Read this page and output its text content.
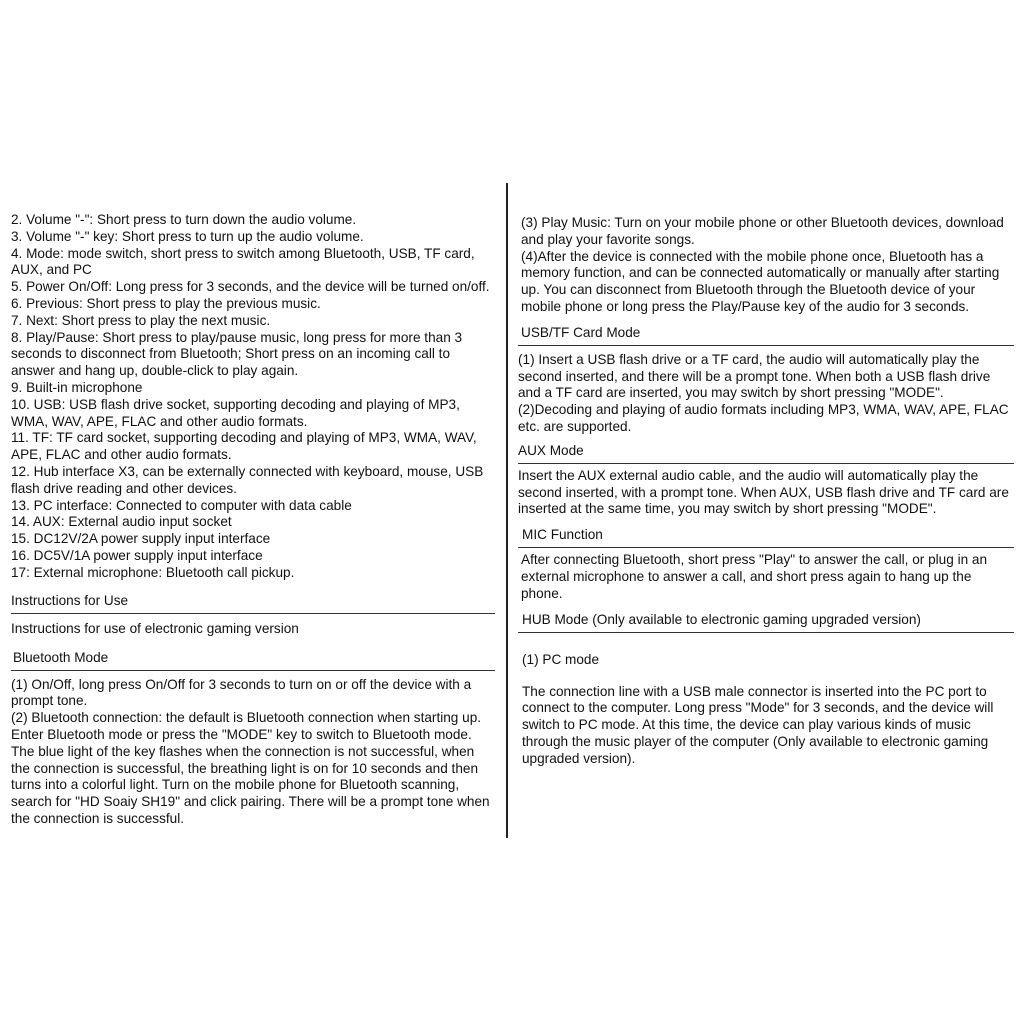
2. Volume "-": Short press to turn down the audio volume.

3. Volume "-" key: Short press to turn up the audio volume.

4. Mode: mode switch, short press to switch among Bluetooth, USB, TF card, AUX, and PC

5. Power On/Off: Long press for 3 seconds, and the device will be turned on/off.

6. Previous: Short press to play the previous music.

7. Next: Short press to play the next music.

8. Play/Pause: Short press to play/pause music, long press for more than 3 seconds to disconnect from Bluetooth; Short press on an incoming call to answer and hang up, double-click to play again.

9. Built-in microphone

10. USB: USB flash drive socket, supporting decoding and playing of MP3, WMA, WAV, APE, FLAC and other audio formats.

11. TF: TF card socket, supporting decoding and playing of MP3, WMA, WAV, APE, FLAC and other audio formats.

12. Hub interface X3, can be externally connected with keyboard, mouse, USB flash drive reading and other devices.

13. PC interface: Connected to computer with data cable

14. AUX: External audio input socket

15. DC12V/2A power supply input interface

16. DC5V/1A power supply input interface

17: External microphone: Bluetooth call pickup.

Instructions for Use
Instructions for use of electronic gaming version
Bluetooth Mode

(1) On/Off, long press On/Off for 3 seconds to turn on or off the device with a prompt tone.

(2) Bluetooth connection: the default is Bluetooth connection when starting up. Enter Bluetooth mode or press the "MODE" key to switch to Bluetooth mode. The blue light of the key flashes when the connection is not successful, when the connection is successful, the breathing light is on for 10 seconds and then turns into a colorful light. Turn on the mobile phone for Bluetooth scanning, search for "HD Soaiy SH19" and click pairing. There will be a prompt tone when the connection is successful.

(3) Play Music: Turn on your mobile phone or other Bluetooth devices, download and play your favorite songs.

(4)After the device is connected with the mobile phone once, Bluetooth has a memory function, and can be connected automatically or manually after starting up. You can disconnect from Bluetooth through the Bluetooth device of your mobile phone or long press the Play/Pause key of the audio for 3 seconds.

USB/TF Card Mode

(1) Insert a USB flash drive or a TF card, the audio will automatically play the second inserted, and there will be a prompt tone. When both a USB flash drive and a TF card are inserted, you may switch by short pressing "MODE".

(2)Decoding and playing of audio formats including MP3, WMA, WAV, APE, FLAC etc. are supported.

AUX Mode

Insert the AUX external audio cable, and the audio will automatically play the second inserted, with a prompt tone. When AUX, USB flash drive and TF card are inserted at the same time, you may switch by short pressing "MODE".

MIC Function

After connecting Bluetooth, short press "Play" to answer the call, or plug in an external microphone to answer a call, and short press again to hang up the phone.

HUB Mode (Only available to electronic gaming upgraded version)
(1) PC mode

The connection line with a USB male connector is inserted into the PC port to connect to the computer. Long press "Mode" for 3 seconds, and the device will switch to PC mode. At this time, the device can play various kinds of music through the music player of the computer (Only available to electronic gaming upgraded version).
